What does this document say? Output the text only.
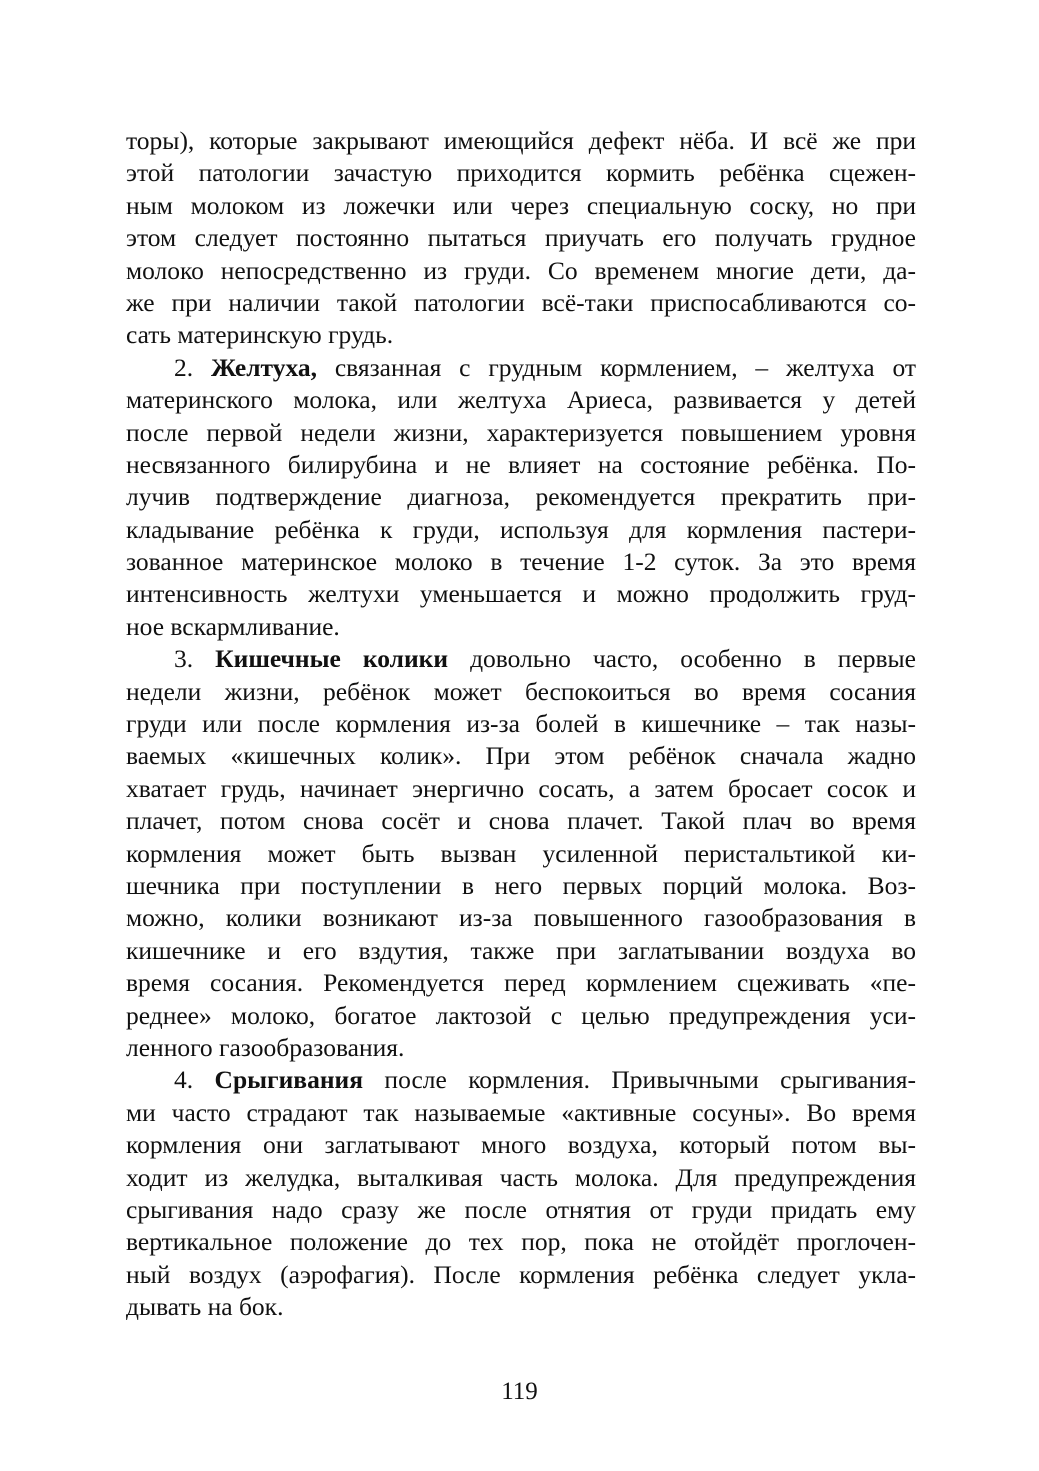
торы), которые закрывают имеющийся дефект нёба. И всё же при
этой патологии зачастую приходится кормить ребёнка сцежен-
ным молоком из ложечки или через специальную соску, но при
этом следует постоянно пытаться приучать его получать грудное
молоко непосредственно из груди. Со временем многие дети, да-
же при наличии такой патологии всё-таки приспосабливаются со-
сать материнскую грудь.
2. Желтуха, связанная с грудным кормлением, – желтуха от
материнского молока, или желтуха Ариеса, развивается у детей
после первой недели жизни, характеризуется повышением уровня
несвязанного билирубина и не влияет на состояние ребёнка. По-
лучив подтверждение диагноза, рекомендуется прекратить при-
кладывание ребёнка к груди, используя для кормления пастери-
зованное материнское молоко в течение 1-2 суток. За это время
интенсивность желтухи уменьшается и можно продолжить груд-
ное вскармливание.
3. Кишечные колики довольно часто, особенно в первые
недели жизни, ребёнок может беспокоиться во время сосания
груди или после кормления из-за болей в кишечнике – так назы-
ваемых «кишечных колик». При этом ребёнок сначала жадно
хватает грудь, начинает энергично сосать, а затем бросает сосок и
плачет, потом снова сосёт и снова плачет. Такой плач во время
кормления может быть вызван усиленной перистальтикой ки-
шечника при поступлении в него первых порций молока. Воз-
можно, колики возникают из-за повышенного газообразования в
кишечнике и его вздутия, также при заглатывании воздуха во
время сосания. Рекомендуется перед кормлением сцеживать «пе-
реднее» молоко, богатое лактозой с целью предупреждения уси-
ленного газообразования.
4. Срыгивания после кормления. Привычными срыгивания-
ми часто страдают так называемые «активные сосуны». Во время
кормления они заглатывают много воздуха, который потом вы-
ходит из желудка, выталкивая часть молока. Для предупреждения
срыгивания надо сразу же после отнятия от груди придать ему
вертикальное положение до тех пор, пока не отойдёт проглочен-
ный воздух (аэрофагия). После кормления ребёнка следует укла-
дывать на бок.
119
